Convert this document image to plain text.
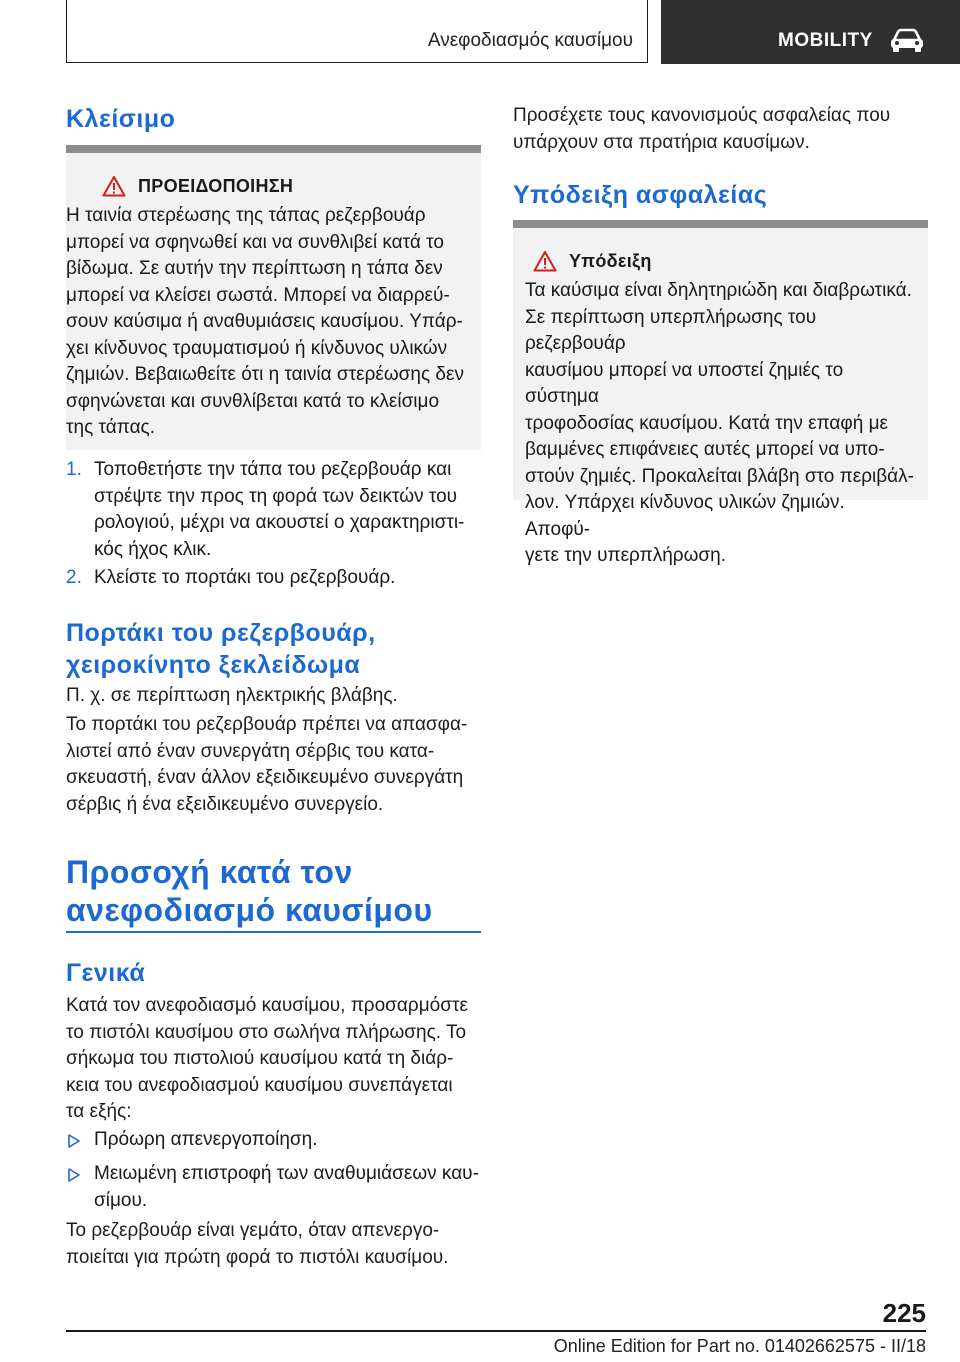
Ανεφοδιασμός καυσίμου	MOBILITY
Κλείσιμο
ΠΡΟΕΙΔΟΠΟΙΗΣΗ
Η ταινία στερέωσης της τάπας ρεζερβουάρ
μπορεί να σφηνωθεί και να συνθλιβεί κατά το
βίδωμα. Σε αυτήν την περίπτωση η τάπα δεν
μπορεί να κλείσει σωστά. Μπορεί να διαρρεύ-
σουν καύσιμα ή αναθυμιάσεις καυσίμου. Υπάρ-
χει κίνδυνος τραυματισμού ή κίνδυνος υλικών
ζημιών. Βεβαιωθείτε ότι η ταινία στερέωσης δεν
σφηνώνεται και συνθλίβεται κατά το κλείσιμο
της τάπας.
1. Τοποθετήστε την τάπα του ρεζερβουάρ και
στρέψτε την προς τη φορά των δεικτών του
ρολογιού, μέχρι να ακουστεί ο χαρακτηριστι-
κός ήχος κλικ.
2. Κλείστε το πορτάκι του ρεζερβουάρ.
Πορτάκι του ρεζερβουάρ,
χειροκίνητο ξεκλείδωμα

Π. χ. σε περίπτωση ηλεκτρικής βλάβης.

Το πορτάκι του ρεζερβουάρ πρέπει να απασφα-

λιστεί από έναν συνεργάτη σέρβις του κατα-

σκευαστή, έναν άλλον εξειδικευμένο συνεργάτη

σέρβις ή ένα εξειδικευμένο συνεργείο.

Προσοχή κατά τον
ανεφοδιασμό καυσίμου
Γενικά

Κατά τον ανεφοδιασμό καυσίμου, προσαρμόστε

το πιστόλι καυσίμου στο σωλήνα πλήρωσης. Το

σήκωμα του πιστολιού καυσίμου κατά τη διάρ-

κεια του ανεφοδιασμού καυσίμου συνεπάγεται

τα εξής:

Πρόωρη απενεργοποίηση.
Μειωμένη επιστροφή των αναθυμιάσεων καυ-
σίμου.

Το ρεζερβουάρ είναι γεμάτο, όταν απενεργο-

ποιείται για πρώτη φορά το πιστόλι καυσίμου.

Προσέχετε τους κανονισμούς ασφαλείας που

υπάρχουν στα πρατήρια καυσίμων.

Υπόδειξη ασφαλείας
Υπόδειξη
Τα καύσιμα είναι δηλητηριώδη και διαβρωτικά.
Σε περίπτωση υπερπλήρωσης του ρεζερβουάρ
καυσίμου μπορεί να υποστεί ζημιές το σύστημα
τροφοδοσίας καυσίμου. Κατά την επαφή με
βαμμένες επιφάνειες αυτές μπορεί να υπο-
στούν ζημιές. Προκαλείται βλάβη στο περιβάλ-
λον. Υπάρχει κίνδυνος υλικών ζημιών. Αποφύ-
γετε την υπερπλήρωση.
225
Online Edition for Part no. 01402662575 - II/18
